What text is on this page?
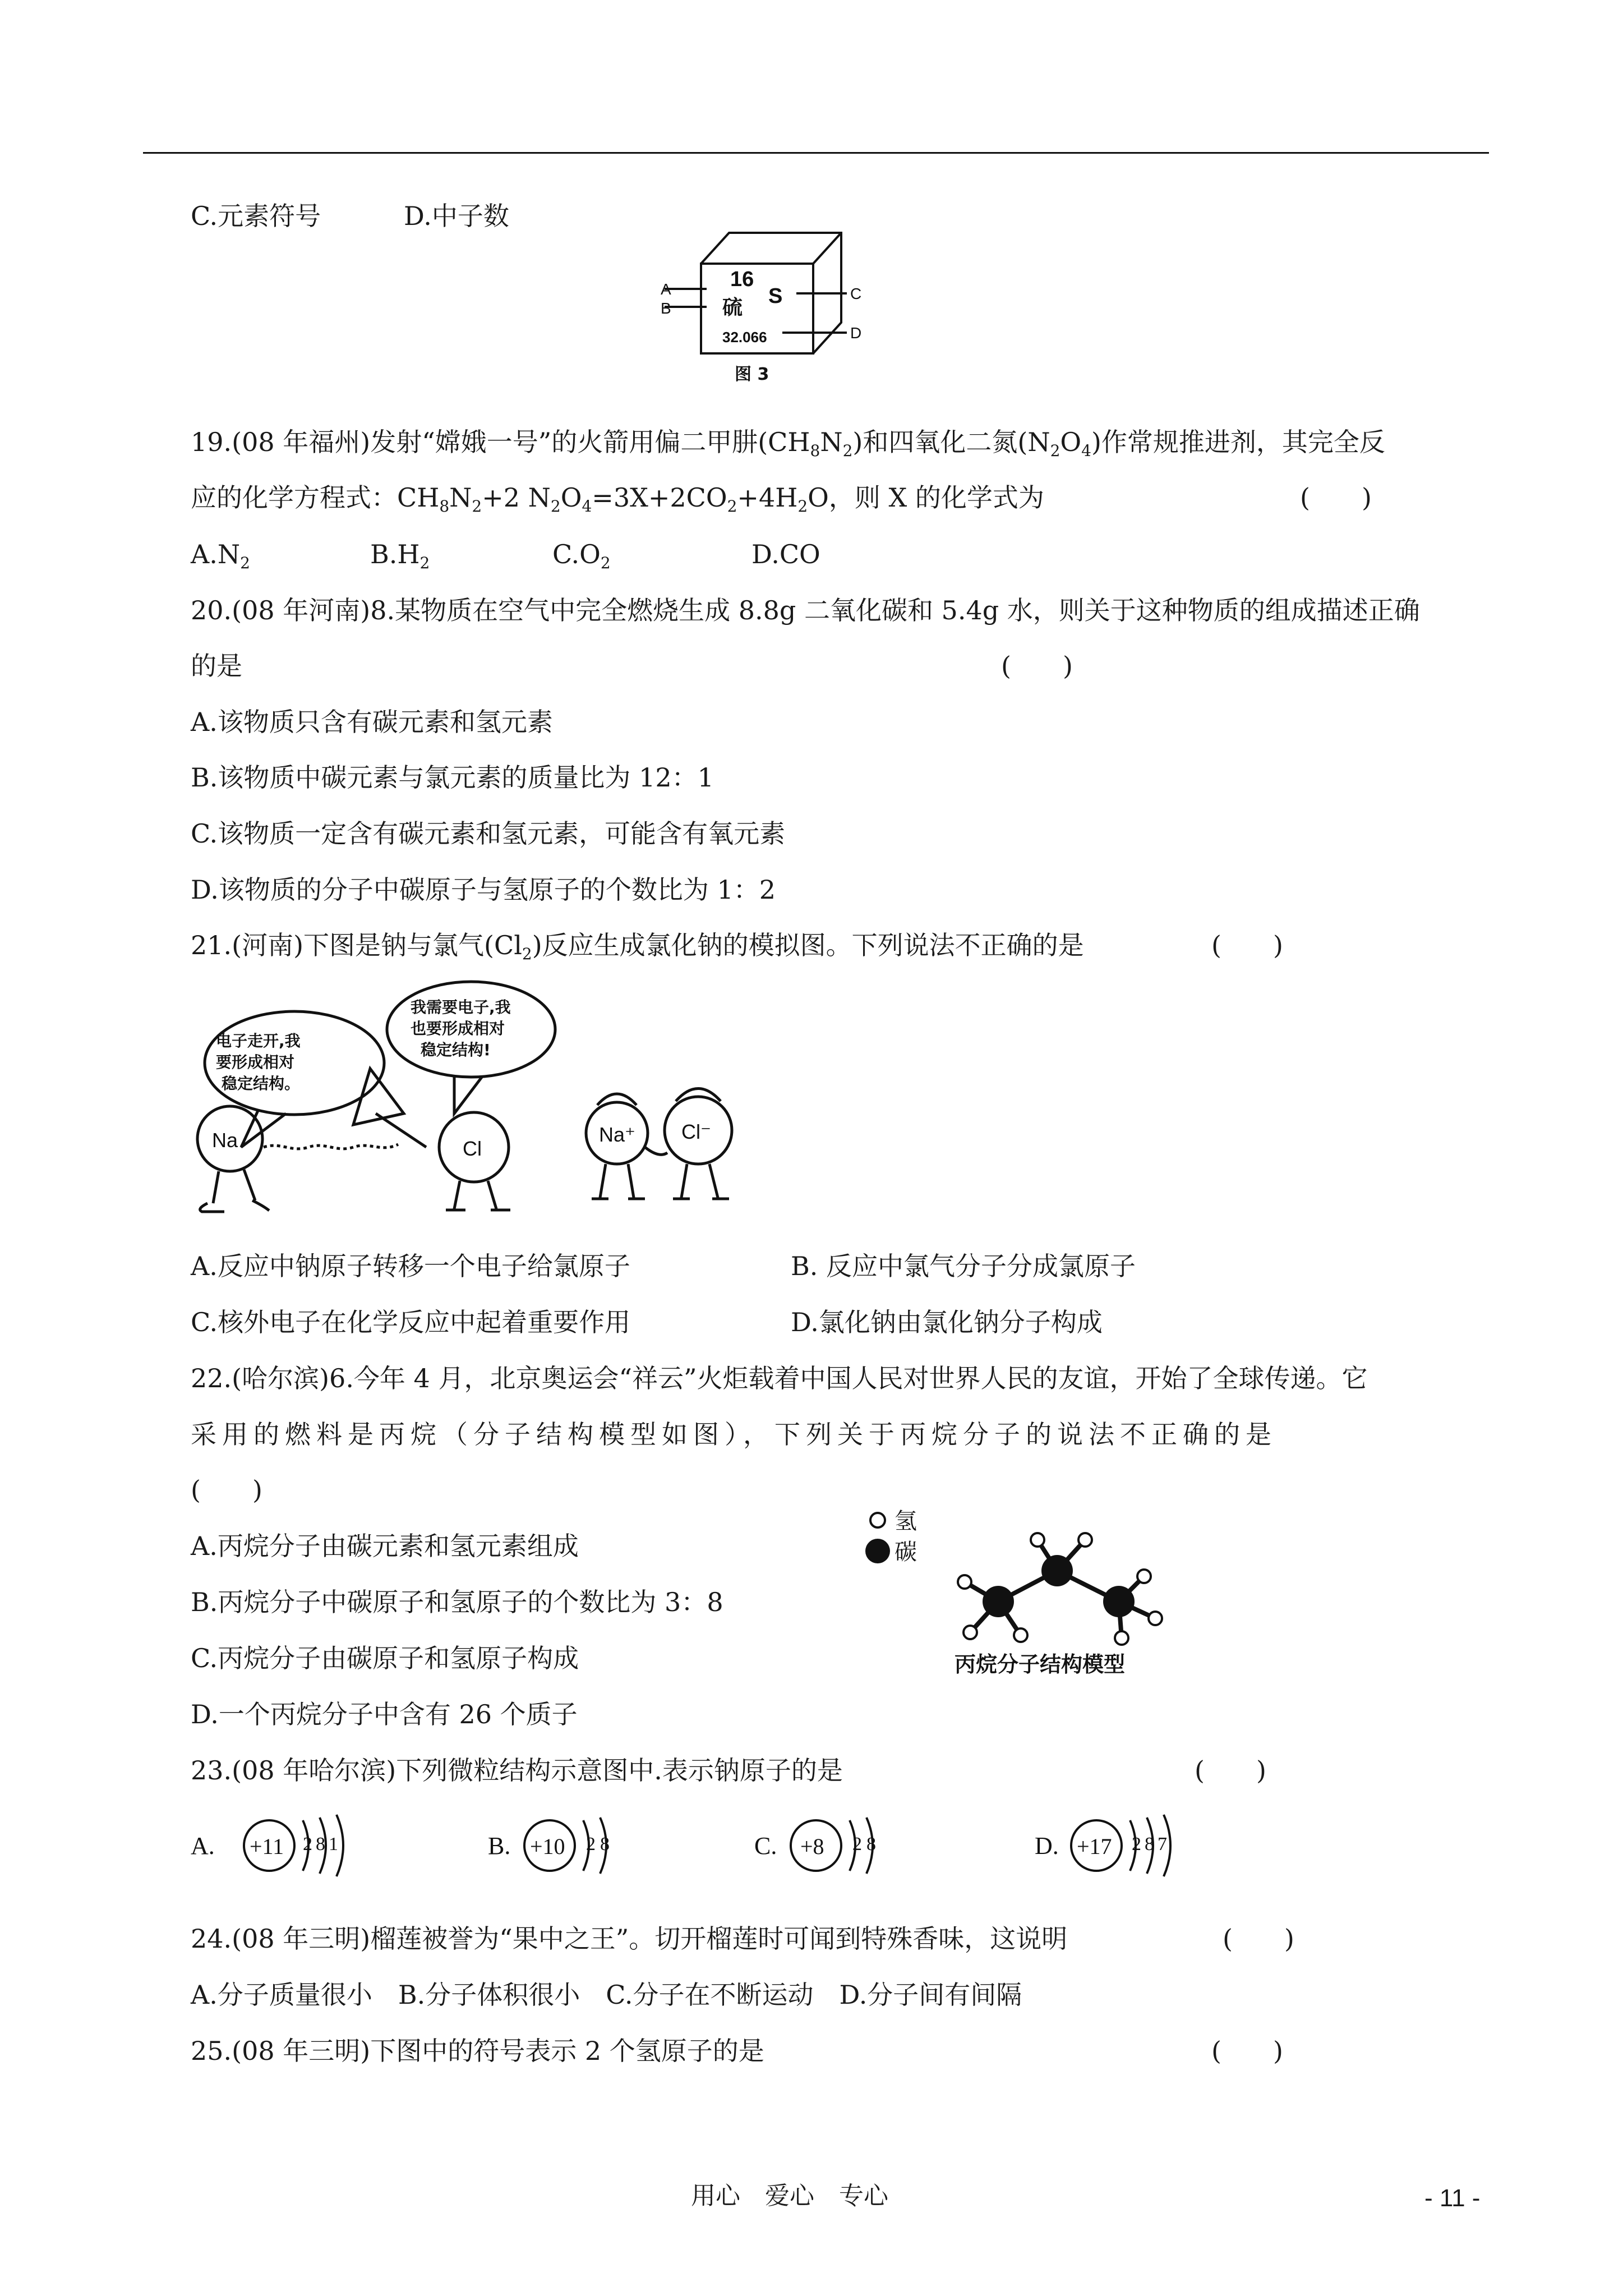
C.元素符号	D.中子数
16
硫 S
32.066
A
B
C
D
图 3
19.(08 年福州)发射“嫦娥一号”的火箭用偏二甲肼$(CH_8N_2)$和四氧化二氮$(N_2O_4)$作常规推进剂，其完全反
应的化学方程式：$CH_8N_2+2$ $N_2O_4=3X+2CO_2+4H_2O$，则 X 的化学式为	(　　)
$A.N_2$	$B.H_2$	$C.O_2$	D.CO
20.(08 年河南)8.某物质在空气中完全燃烧生成 8.8g 二氧化碳和 5.4g 水，则关于这种物质的组成描述正确
的是	(　　)
A.该物质只含有碳元素和氢元素
B.该物质中碳元素与氯元素的质量比为 12：1
C.该物质一定含有碳元素和氢元素，可能含有氧元素
D.该物质的分子中碳原子与氢原子的个数比为 1：2
21.(河南)下图是钠与氯气$(Cl_2)$反应生成氯化钠的模拟图。下列说法不正确的是	(　　)
电子走开,我
要形成相对
稳定结构。
我需要电子,我
也要形成相对
稳定结构!
Na	Cl
Na⁺ Cl⁻
A.反应中钠原子转移一个电子给氯原子	B. 反应中氯气分子分成氯原子
C.核外电子在化学反应中起着重要作用	D.氯化钠由氯化钠分子构成
22.(哈尔滨)6.今年 4 月，北京奥运会“祥云”火炬载着中国人民对世界人民的友谊，开始了全球传递。它
采用的燃料是丙烷（分子结构模型如图），下列关于丙烷分子的说法不正确的是
(　　)
A.丙烷分子由碳元素和氢元素组成
B.丙烷分子中碳原子和氢原子的个数比为 3：8
C.丙烷分子由碳原子和氢原子构成
D.一个丙烷分子中含有 26 个质子
氢
碳
丙烷分子结构模型
23.(08 年哈尔滨)下列微粒结构示意图中.表示钠原子的是	(　　)
A. +11 281	B. +10 28	C. +8 28	D. +17 287
24.(08 年三明)榴莲被誉为“果中之王”。切开榴莲时可闻到特殊香味，这说明	(　　)
A.分子质量很小　B.分子体积很小　C.分子在不断运动　D.分子间有间隔
25.(08 年三明)下图中的符号表示 2 个氢原子的是	(　　)
用心　爱心　专心	- 11 -
